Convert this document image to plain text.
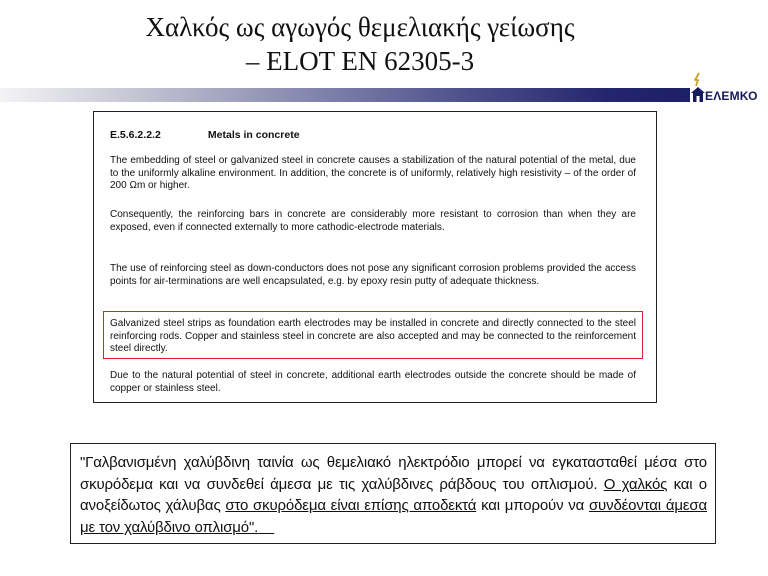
Χαλκός ως αγωγός θεμελιακής γείωσης
– ELOT EN 62305-3
ΕΛΕΜΚΟ
E.5.6.2.2.2	Metals in concrete
The embedding of steel or galvanized steel in concrete causes a stabilization of the natural potential of the metal, due to the uniformly alkaline environment. In addition, the concrete is of uniformly, relatively high resistivity – of the order of 200 Ωm or higher.
Consequently, the reinforcing bars in concrete are considerably more resistant to corrosion than when they are exposed, even if connected externally to more cathodic-electrode materials.
The use of reinforcing steel as down-conductors does not pose any significant corrosion problems provided the access points for air-terminations are well encapsulated, e.g. by epoxy resin putty of adequate thickness.
Galvanized steel strips as foundation earth electrodes may be installed in concrete and directly connected to the steel reinforcing rods. Copper and stainless steel in concrete are also accepted and may be connected to the reinforcement steel directly.
Due to the natural potential of steel in concrete, additional earth electrodes outside the concrete should be made of copper or stainless steel.
"Γαλβανισμένη χαλύβδινη ταινία ως θεμελιακό ηλεκτρόδιο μπορεί να εγκατασταθεί μέσα στο σκυρόδεμα και να συνδεθεί άμεσα με τις χαλύβδινες ράβδους του οπλισμού. Ο χαλκός και ο ανοξείδωτος χάλυβας στο σκυρόδεμα είναι επίσης αποδεκτά και μπορούν να συνδέονται άμεσα με τον χαλύβδινο οπλισμό".
